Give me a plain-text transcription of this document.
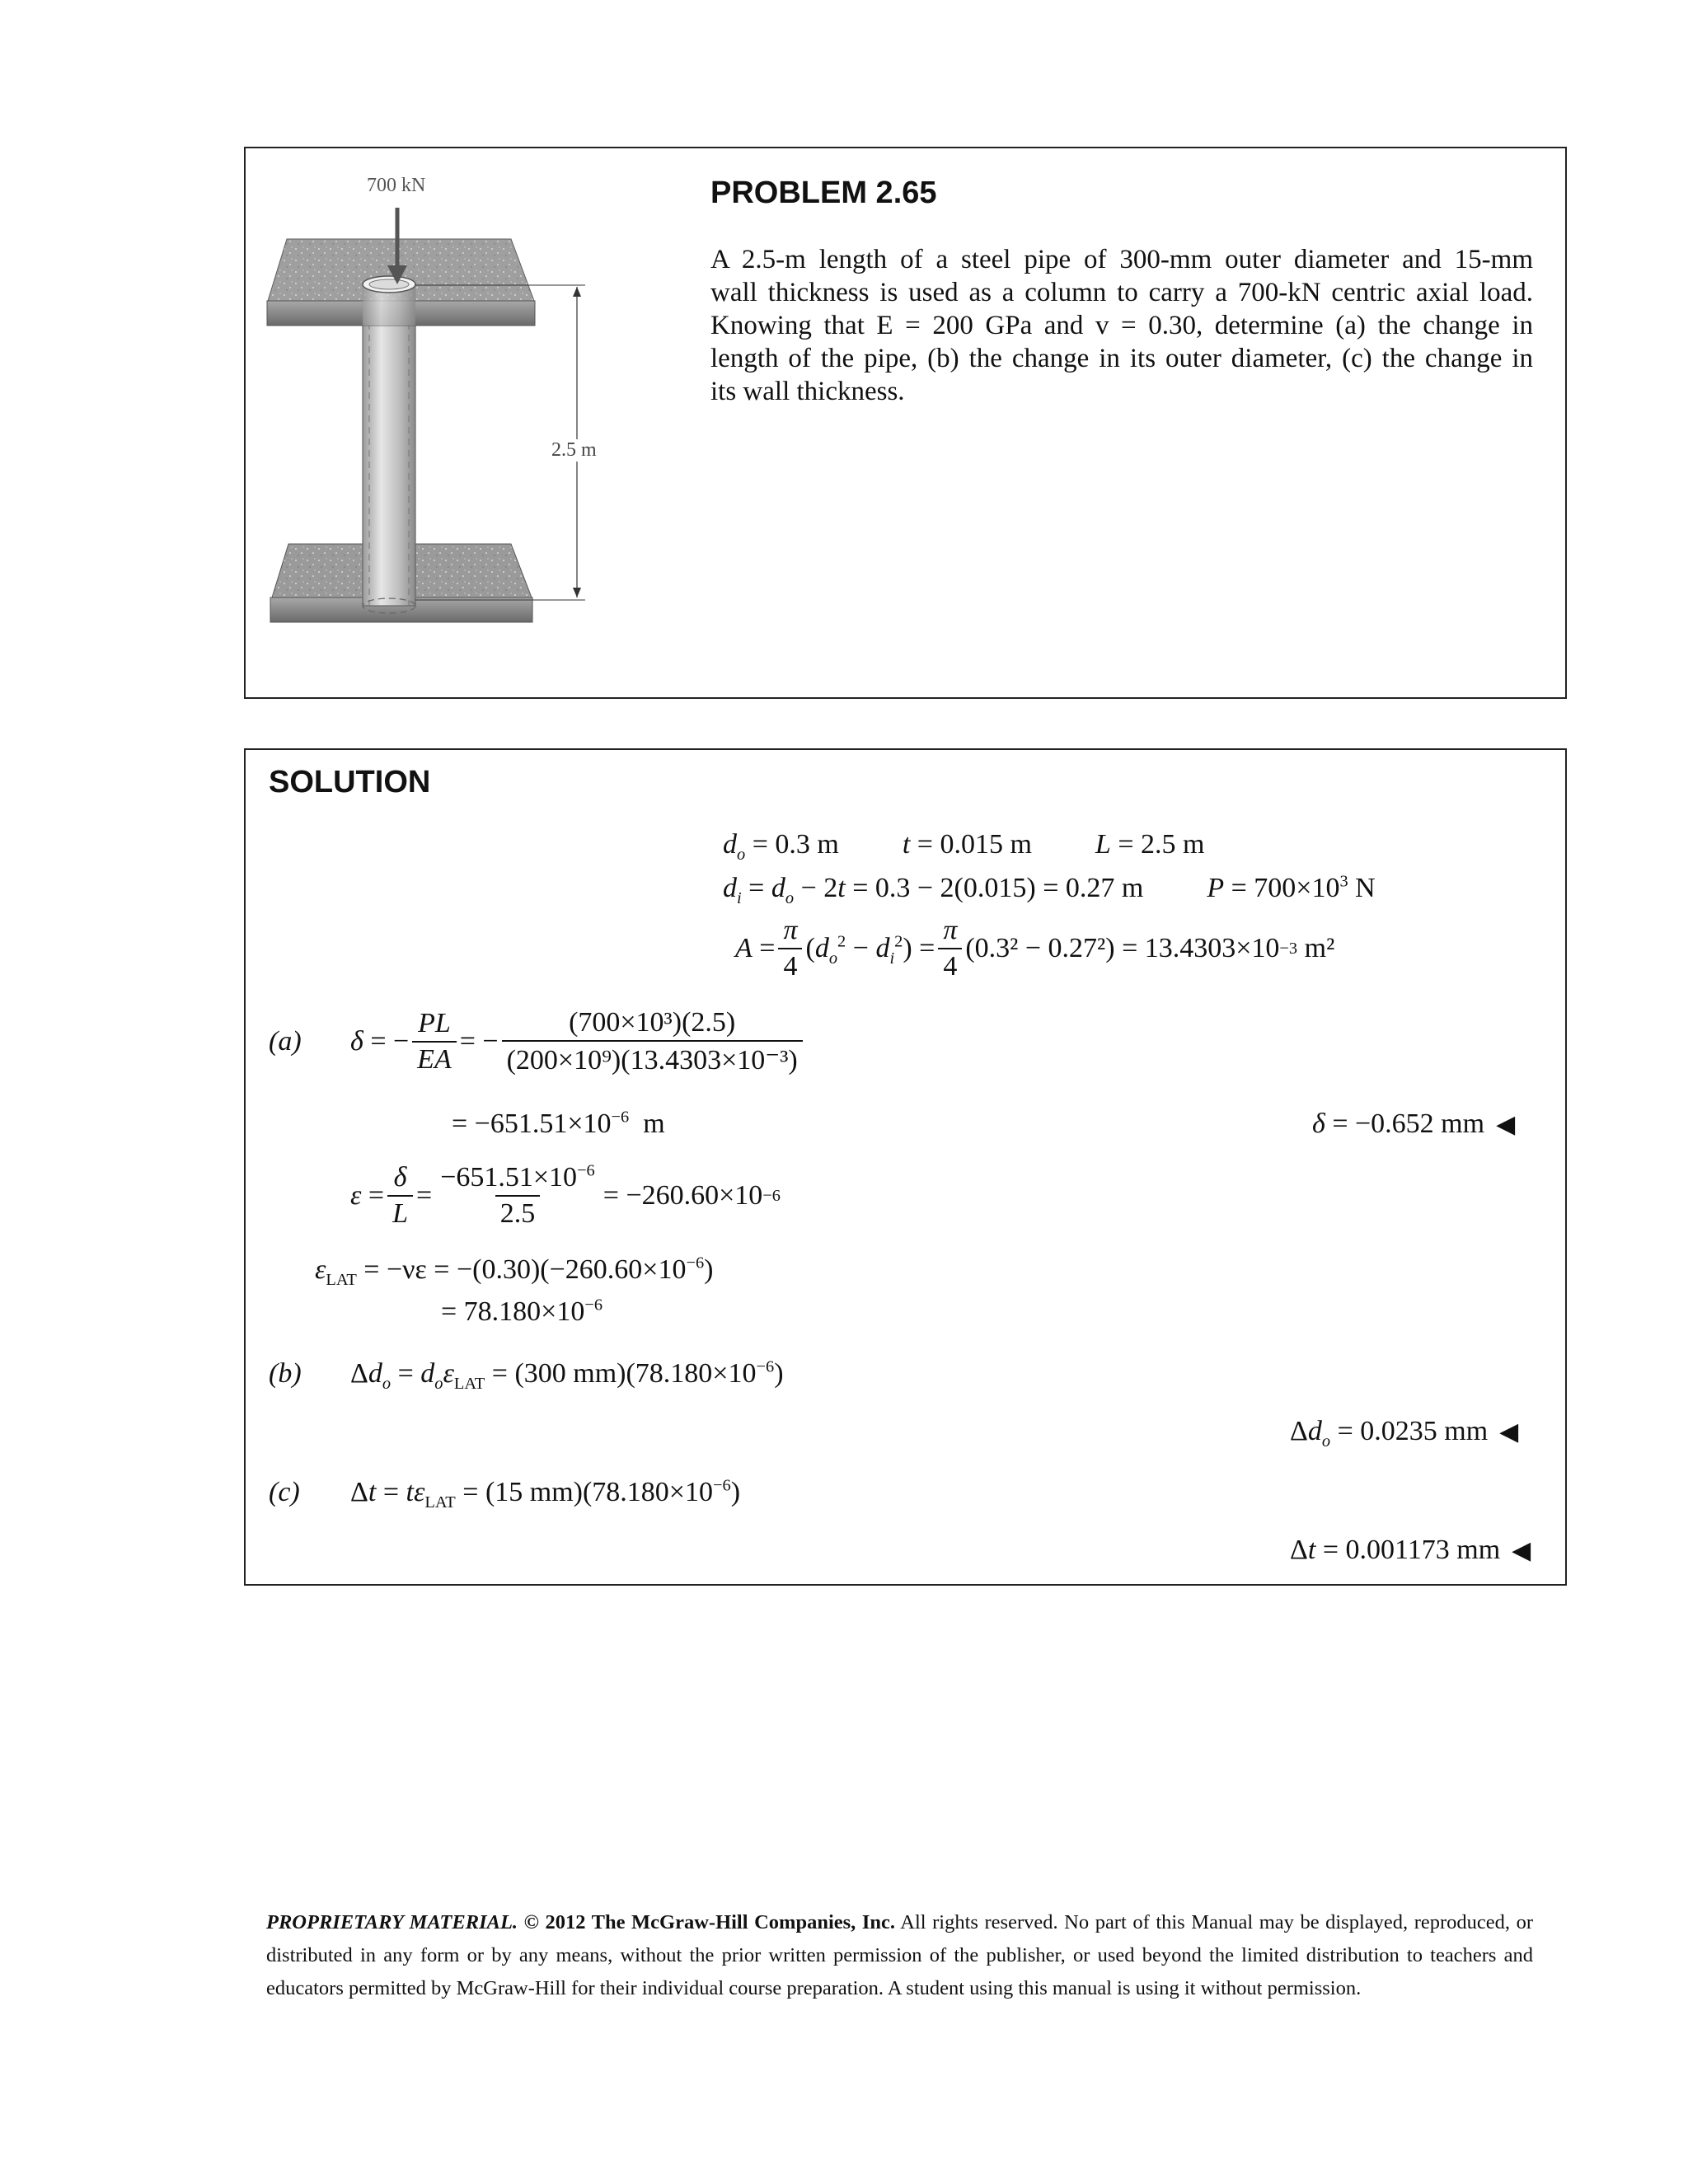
700 kN
2.5 m
PROBLEM 2.65
A 2.5-m length of a steel pipe of 300-mm outer diameter and 15-mm
wall thickness is used as a column to carry a 700-kN centric axial load.
Knowing that E = 200 GPa and v = 0.30, determine (a) the change in
length of the pipe, (b) the change in its outer diameter, (c) the change in
its wall thickness.
SOLUTION
$d_o = 0.3$ m t = 0.015 m L = 2.5 m
$d_i = d_o - 2t = 0.3 - 2(0.015) = 0.27$ m $P = 700\times 10^3$ N
$A = \frac{\pi}{4} (d_o^2 - d_i^2) = \frac{\pi}{4} (0.3^2 - 0.27^2) = 13.4303\times 10 -3$
m²
(a) δ = − $\frac{PL}{EA}$ = − $\frac{\text{(700×10³)(2.5)}}{\text{(200×10⁹)(13.4303×10⁻³)}}$
= $-651.51\times 10^{-6}$ m	δ = −0.652 mm ◀
$\varepsilon = \frac{\delta}{L} = \frac{-651.51\times 10^{-6}}{2.5} = -260.60\times 10 -6$
$\varepsilon_{LAT} = -\nu\varepsilon = -(0.30)(-260.60\times 10^{-6})$
= $78.180\times 10^{-6}$
(b) $\Delta d_o = d_o\varepsilon_{LAT} = (300$ $mm)(78.180\times 10^{-6})$
$\Delta d_o = 0.0235$ mm ◀
(c) $\Delta t = t\varepsilon_{LAT} = (15$ $mm)(78.180\times 10^{-6})$
Δt = 0.001173 mm ◀
PROPRIETARY MATERIAL. © 2012 The McGraw-Hill Companies, Inc. All rights reserved. No part of this Manual may be displayed, reproduced, or distributed in any form or by any means, without the prior written permission of the publisher, or used beyond the limited distribution to teachers and educators permitted by McGraw-Hill for their individual course preparation. A student using this manual is using it without permission.
